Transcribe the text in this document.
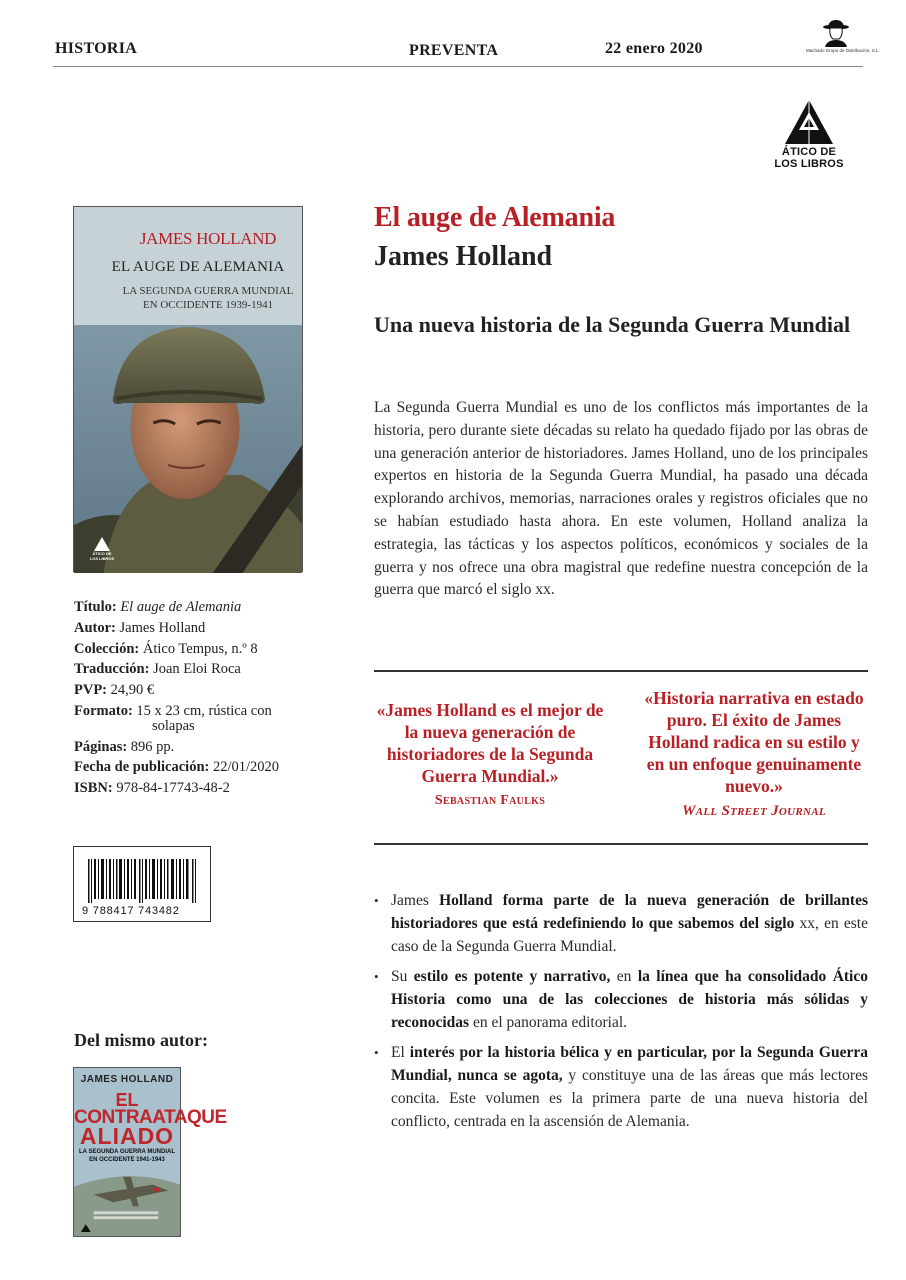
HISTORIA	PREVENTA	22 enero 2020	Machado Grupo de Distribución, S.L.
ÁTICO DE
LOS LIBROS
JAMES HOLLAND
EL AUGE DE ALEMANIA
LA SEGUNDA GUERRA MUNDIAL
EN OCCIDENTE 1939-1941
ÁTICO DE
LOS LIBROS
Título: El auge de Alemania
Autor: James Holland
Colección: Ático Tempus, n.º 8
Traducción: Joan Eloi Roca
PVP: 24,90 €
Formato: 15 x 23 cm, rústica con
solapas
Páginas: 896 pp.
Fecha de publicación: 22/01/2020
ISBN: 978-84-17743-48-2
9 788417 743482
Del mismo autor:
JAMES HOLLAND
EL
CONTRAATAQUE
ALIADO
LA SEGUNDA GUERRA MUNDIAL
EN OCCIDENTE 1941-1943
El auge de Alemania
James Holland
Una nueva historia de la Segunda Guerra Mundial
La Segunda Guerra Mundial es uno de los conflictos más importantes de la historia, pero durante siete décadas su relato ha quedado fijado por las obras de una generación anterior de historiadores. James Holland, uno de los principales expertos en historia de la Segunda Guerra Mundial, ha pasado una década explorando archivos, memorias, narraciones orales y registros oficiales que no se habían estudiado hasta ahora. En este volumen, Holland analiza la estrategia, las tácticas y los aspectos políticos, económicos y sociales de la guerra y nos ofrece una obra magistral que redefine nuestra concepción de la guerra que marcó el siglo xx.
«James Holland es el mejor de la nueva generación de historiadores de la Segunda Guerra Mundial.»
Sebastian Faulks
«Historia narrativa en estado puro. El éxito de James Holland radica en su estilo y en un enfoque genuinamente nuevo.»
Wall Street Journal
• James Holland forma parte de la nueva generación de brillantes historiadores que está redefiniendo lo que sabemos del siglo xx, en este caso de la Segunda Guerra Mundial.
• Su estilo es potente y narrativo, en la línea que ha consolidado Ático Historia como una de las colecciones de historia más sólidas y reconocidas en el panorama editorial.
• El interés por la historia bélica y en particular, por la Segunda Guerra Mundial, nunca se agota, y constituye una de las áreas que más lectores concita. Este volumen es la primera parte de una nueva historia del conflicto, centrada en la ascensión de Alemania.
